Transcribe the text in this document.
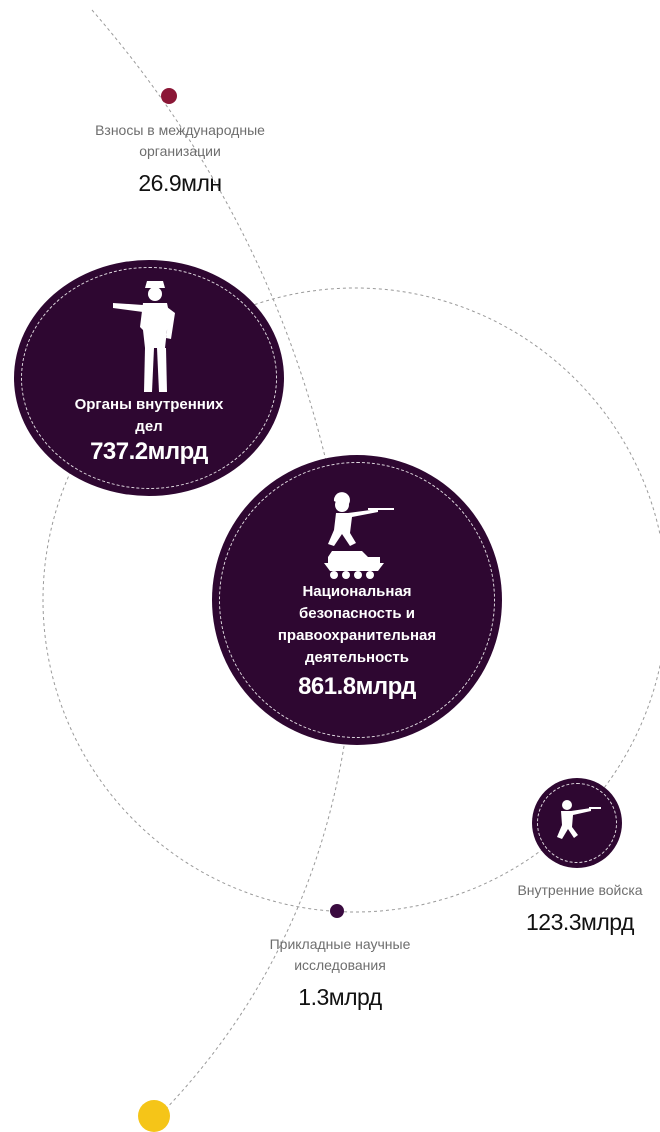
Взносы в международные организации
26.9млн
Органы внутренних дел
737.2млрд
Национальная безопасность и правоохранительная деятельность
861.8млрд
Внутренние войска
123.3млрд
Прикладные научные исследования
1.3млрд
